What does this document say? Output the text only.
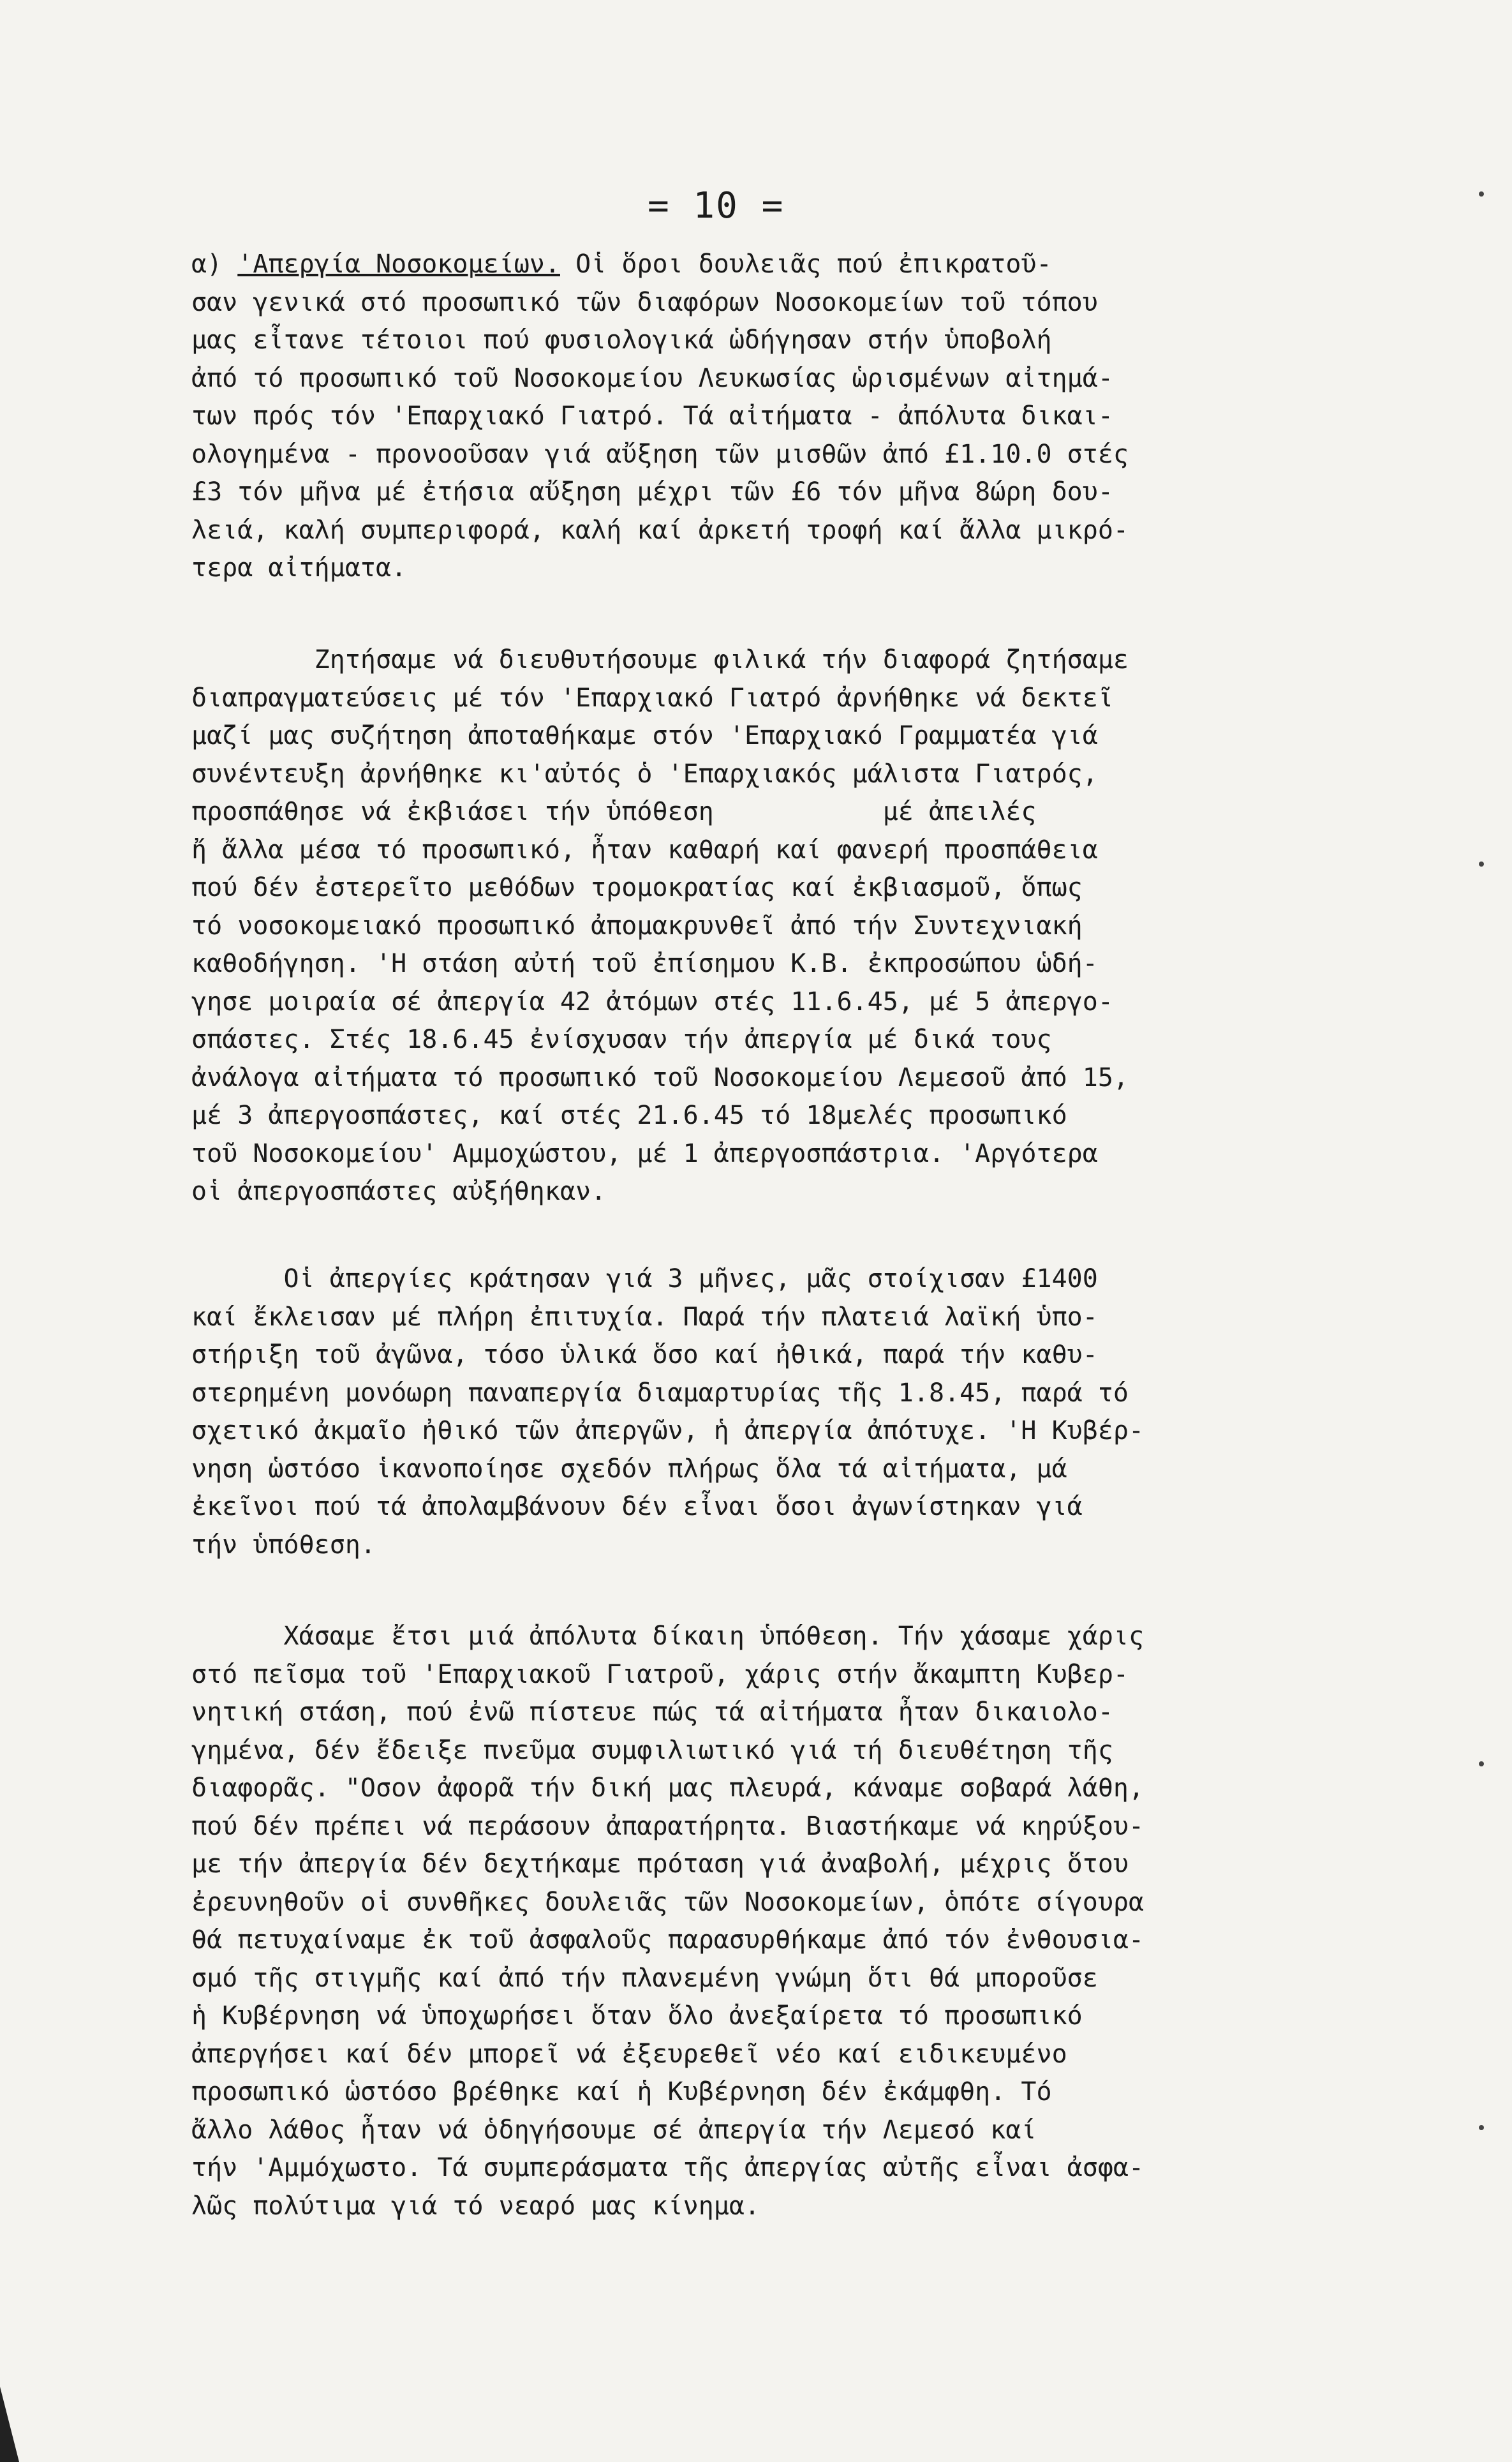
= 10 =
α) 'Απεργία Νοσοκομείων. Οἱ ὅροι δουλειᾶς πού ἐπικρατοῦ-
σαν γενικά στό προσωπικό τῶν διαφόρων Νοσοκομείων τοῦ τόπου
μας εἶτανε τέτοιοι πού φυσιολογικά ὡδήγησαν στήν ὑποβολή
ἀπό τό προσωπικό τοῦ Νοσοκομείου Λευκωσίας ὡρισμένων αἰτημά-
των πρός τόν 'Επαρχιακό Γιατρό. Τά αἰτήματα - ἀπόλυτα δικαι-
ολογημένα - προνοοῦσαν γιά αὔξηση τῶν μισθῶν ἀπό £1.10.0 στές
£3 τόν μῆνα μέ ἐτήσια αὔξηση μέχρι τῶν £6 τόν μῆνα 8ώρη δου-
λειά, καλή συμπεριφορά, καλή καί ἀρκετή τροφή καί ἄλλα μικρό-
τερα αἰτήματα.
Ζητήσαμε νά διευθυτήσουμε φιλικά τήν διαφορά ζητήσαμε
διαπραγματεύσεις μέ τόν 'Επαρχιακό Γιατρό ἀρνήθηκε νά δεκτεῖ
μαζί μας συζήτηση ἀποταθήκαμε στόν 'Επαρχιακό Γραμματέα γιά
συνέντευξη ἀρνήθηκε κι'αὐτός ὁ 'Επαρχιακός μάλιστα Γιατρός,
προσπάθησε νά ἐκβιάσει τήν ὑπόθεση           μέ ἀπειλές
ἤ ἄλλα μέσα τό προσωπικό, ἦταν καθαρή καί φανερή προσπάθεια
πού δέν ἐστερεῖτο μεθόδων τρομοκρατίας καί ἐκβιασμοῦ, ὅπως
τό νοσοκομειακό προσωπικό ἀπομακρυνθεῖ ἀπό τήν Συντεχνιακή
καθοδήγηση. 'Η στάση αὐτή τοῦ ἐπίσημου Κ.Β. ἐκπροσώπου ὡδή-
γησε μοιραία σέ ἀπεργία 42 ἀτόμων στές 11.6.45, μέ 5 ἀπεργο-
σπάστες. Στές 18.6.45 ἐνίσχυσαν τήν ἀπεργία μέ δικά τους
ἀνάλογα αἰτήματα τό προσωπικό τοῦ Νοσοκομείου Λεμεσοῦ ἀπό 15,
μέ 3 ἀπεργοσπάστες, καί στές 21.6.45 τό 18μελές προσωπικό
τοῦ Νοσοκομείου' Αμμοχώστου, μέ 1 ἀπεργοσπάστρια. 'Αργότερα
οἱ ἀπεργοσπάστες αὐξήθηκαν.
Οἱ ἀπεργίες κράτησαν γιά 3 μῆνες, μᾶς στοίχισαν £1400
καί ἔκλεισαν μέ πλήρη ἐπιτυχία. Παρά τήν πλατειά λαϊκή ὑπο-
στήριξη τοῦ ἀγῶνα, τόσο ὑλικά ὅσο καί ἠθικά, παρά τήν καθυ-
στερημένη μονόωρη παναπεργία διαμαρτυρίας τῆς 1.8.45, παρά τό
σχετικό ἀκμαῖο ἠθικό τῶν ἀπεργῶν, ἡ ἀπεργία ἀπότυχε. 'Η Κυβέρ-
νηση ὡστόσο ἱκανοποίησε σχεδόν πλήρως ὅλα τά αἰτήματα, μά
ἐκεῖνοι πού τά ἀπολαμβάνουν δέν εἶναι ὅσοι ἀγωνίστηκαν γιά
τήν ὑπόθεση.
Χάσαμε ἔτσι μιά ἀπόλυτα δίκαιη ὑπόθεση. Τήν χάσαμε χάρις
στό πεῖσμα τοῦ 'Επαρχιακοῦ Γιατροῦ, χάρις στήν ἄκαμπτη Κυβερ-
νητική στάση, πού ἐνῶ πίστευε πώς τά αἰτήματα ἦταν δικαιολο-
γημένα, δέν ἔδειξε πνεῦμα συμφιλιωτικό γιά τή διευθέτηση τῆς
διαφορᾶς. "Οσον ἀφορᾶ τήν δική μας πλευρά, κάναμε σοβαρά λάθη,
πού δέν πρέπει νά περάσουν ἀπαρατήρητα. Βιαστήκαμε νά κηρύξου-
με τήν ἀπεργία δέν δεχτήκαμε πρόταση γιά ἀναβολή, μέχρις ὅτου
ἐρευνηθοῦν οἱ συνθῆκες δουλειᾶς τῶν Νοσοκομείων, ὁπότε σίγουρα
θά πετυχαίναμε ἐκ τοῦ ἀσφαλοῦς παρασυρθήκαμε ἀπό τόν ἐνθουσια-
σμό τῆς στιγμῆς καί ἀπό τήν πλανεμένη γνώμη ὅτι θά μποροῦσε
ἡ Κυβέρνηση νά ὑποχωρήσει ὅταν ὅλο ἀνεξαίρετα τό προσωπικό
ἀπεργήσει καί δέν μπορεῖ νά ἐξευρεθεῖ νέο καί ειδικευμένο
προσωπικό ὡστόσο βρέθηκε καί ἡ Κυβέρνηση δέν ἐκάμφθη. Τό
ἄλλο λάθος ἦταν νά ὁδηγήσουμε σέ ἀπεργία τήν Λεμεσό καί
τήν 'Αμμόχωστο. Τά συμπεράσματα τῆς ἀπεργίας αὐτῆς εἶναι ἀσφα-
λῶς πολύτιμα γιά τό νεαρό μας κίνημα.
